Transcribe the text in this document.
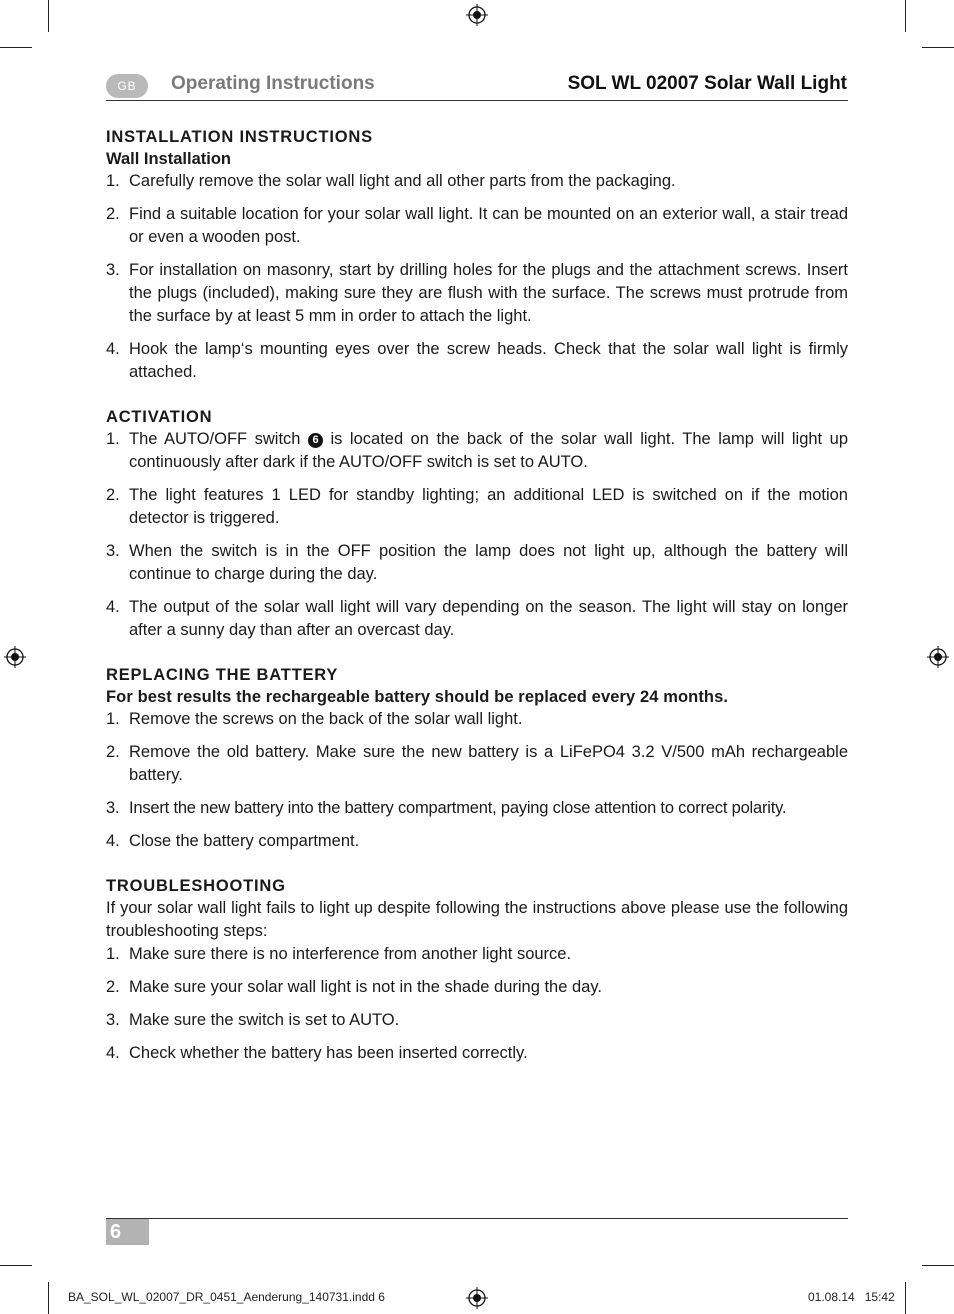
GB	Operating Instructions	SOL WL 02007 Solar Wall Light
INSTALLATION INSTRUCTIONS
Wall Installation
1. Carefully remove the solar wall light and all other parts from the packaging.
2. Find a suitable location for your solar wall light. It can be mounted on an exterior wall, a stair tread or even a wooden post.
3. For installation on masonry, start by drilling holes for the plugs and the attachment screws. Insert the plugs (included), making sure they are flush with the surface. The screws must protrude from the surface by at least 5 mm in order to attach the light.
4. Hook the lamp‘s mounting eyes over the screw heads. Check that the solar wall light is firmly attached.
ACTIVATION
1. The AUTO/OFF switch 6 is located on the back of the solar wall light. The lamp will light up continuously after dark if the AUTO/OFF switch is set to AUTO.
2. The light features 1 LED for standby lighting; an additional LED is switched on if the motion detector is triggered.
3. When the switch is in the OFF position the lamp does not light up, although the battery will continue to charge during the day.
4. The output of the solar wall light will vary depending on the season. The light will stay on longer after a sunny day than after an overcast day.
REPLACING THE BATTERY

For best results the rechargeable battery should be replaced every 24 months.

1. Remove the screws on the back of the solar wall light.
2. Remove the old battery. Make sure the new battery is a LiFePO4 3.2 V/500 mAh rechargeable battery.
3. Insert the new battery into the battery compartment, paying close attention to correct polarity.
4. Close the battery compartment.
TROUBLESHOOTING

If your solar wall light fails to light up despite following the instructions above please use the following troubleshooting steps:

1. Make sure there is no interference from another light source.
2. Make sure your solar wall light is not in the shade during the day.
3. Make sure the switch is set to AUTO.
4. Check whether the battery has been inserted correctly.
6
BA_SOL_WL_02007_DR_0451_Aenderung_140731.indd 6	01.08.14   15:42
